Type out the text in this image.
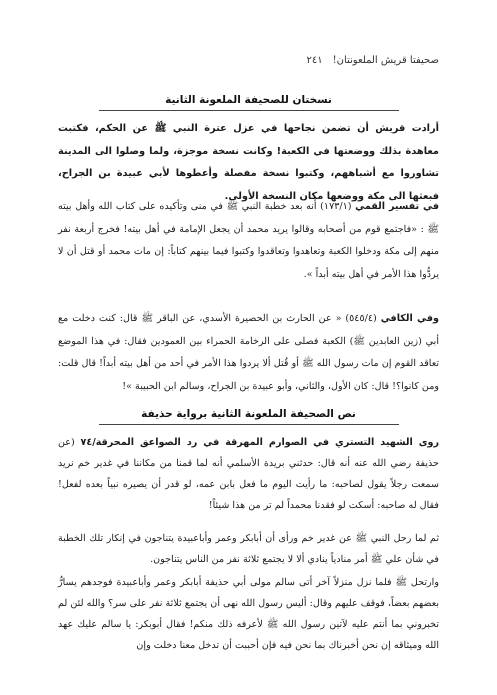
صحيفتا قريش الملعونتان!
٢٤١
نسختان للصحيفة الملعونة الثانية

أرادت قريش أن تضمن نجاحها في عزل عترة النبي ﷺ عن الحكم، فكتبت معاهدة بذلك ووضعتها في الكعبة! وكانت نسخة موجزة، ولما وصلوا الى المدينة تشاوروا مع أشباههم، وكتبوا نسخة مفصلة وأعطوها لأبي عبيدة بن الجراح، فبعثها الى مكة ووضعها مكان النسخة الأولى.

في تفسير القمي (١٧٣/١) أنه بعد خطبة النبي ﷺ في منى وتأكيده على كتاب الله وأهل بيته ﷺ : «فاجتمع قوم من أصحابه وقالوا يريد محمد أن يجعل الإمامة في أهل بيته! فخرج أربعة نفر منهم إلى مكة ودخلوا الكعبة وتعاهدوا وتعاقدوا وكتبوا فيما بينهم كتاباً: إن مات محمد أو قتل أن لا يردُّوا هذا الأمر في أهل بيته أبداً ».

وفي الكافي (٥٤٥/٤) « عن الحارث بن الحصيرة الأسدي، عن الباقر ﷺ قال: كنت دخلت مع أبي (زين العابدين ﷺ) الكعبة فصلى على الرخامة الحمراء بين العمودين فقال: في هذا الموضع تعاقد القوم إن مات رسول الله ﷺ أو قُتل ألا يردوا هذا الأمر في أحد من أهل بيته أبداً! قال قلت: ومن كانوا؟! قال: كان الأول، والثاني، وأبو عبيدة بن الجراح، وسالم ابن الحبيبة »!

نص الصحيفة الملعونة الثانية برواية حذيفة

روى الشهيد التستري في الصوارم المهرقة في رد الصواعق المحرقة/٧٤ (عن حذيفة رضي الله عنه أنه قال: حدثني بريدة الأسلمي أنه لما قمنا من مكاننا في غدير خم نريد سمعت رجلاً يقول لصاحبه: ما رأيت اليوم ما فعل بابن عمه، لو قدر أن يصيره نبياً بعده لفعل! فقال له صاحبه: أسكت لو فقدنا محمداً لم تر من هذا شيئاً!

ثم لما رحل النبي ﷺ عن غدير خم ورأى أن أبابكر وعمر وأباعبيدة يتناجون في إنكار تلك الخطبة في شأن علي ﷺ أمر منادياً ينادي ألا لا يجتمع ثلاثة نفر من الناس يتناجون.

وارتحل ﷺ فلما نزل منزلاً آخر أتى سالم مولى أبي حذيفة أبابكر وعمر وأباعبيدة فوجدهم يسارُّ بعضهم بعضاً، فوقف عليهم وقال: أليس رسول الله نهى أن يجتمع ثلاثة نفر على سر؟ والله لئن لم تخبروني بما أنتم عليه لآتين رسول الله ﷺ لأعرفه ذلك منكم! فقال أبوبكر: يا سالم عليك عهد الله وميثاقه إن نحن أخبرناك بما نحن فيه فإن أحببت أن تدخل معنا دخلت وإن
